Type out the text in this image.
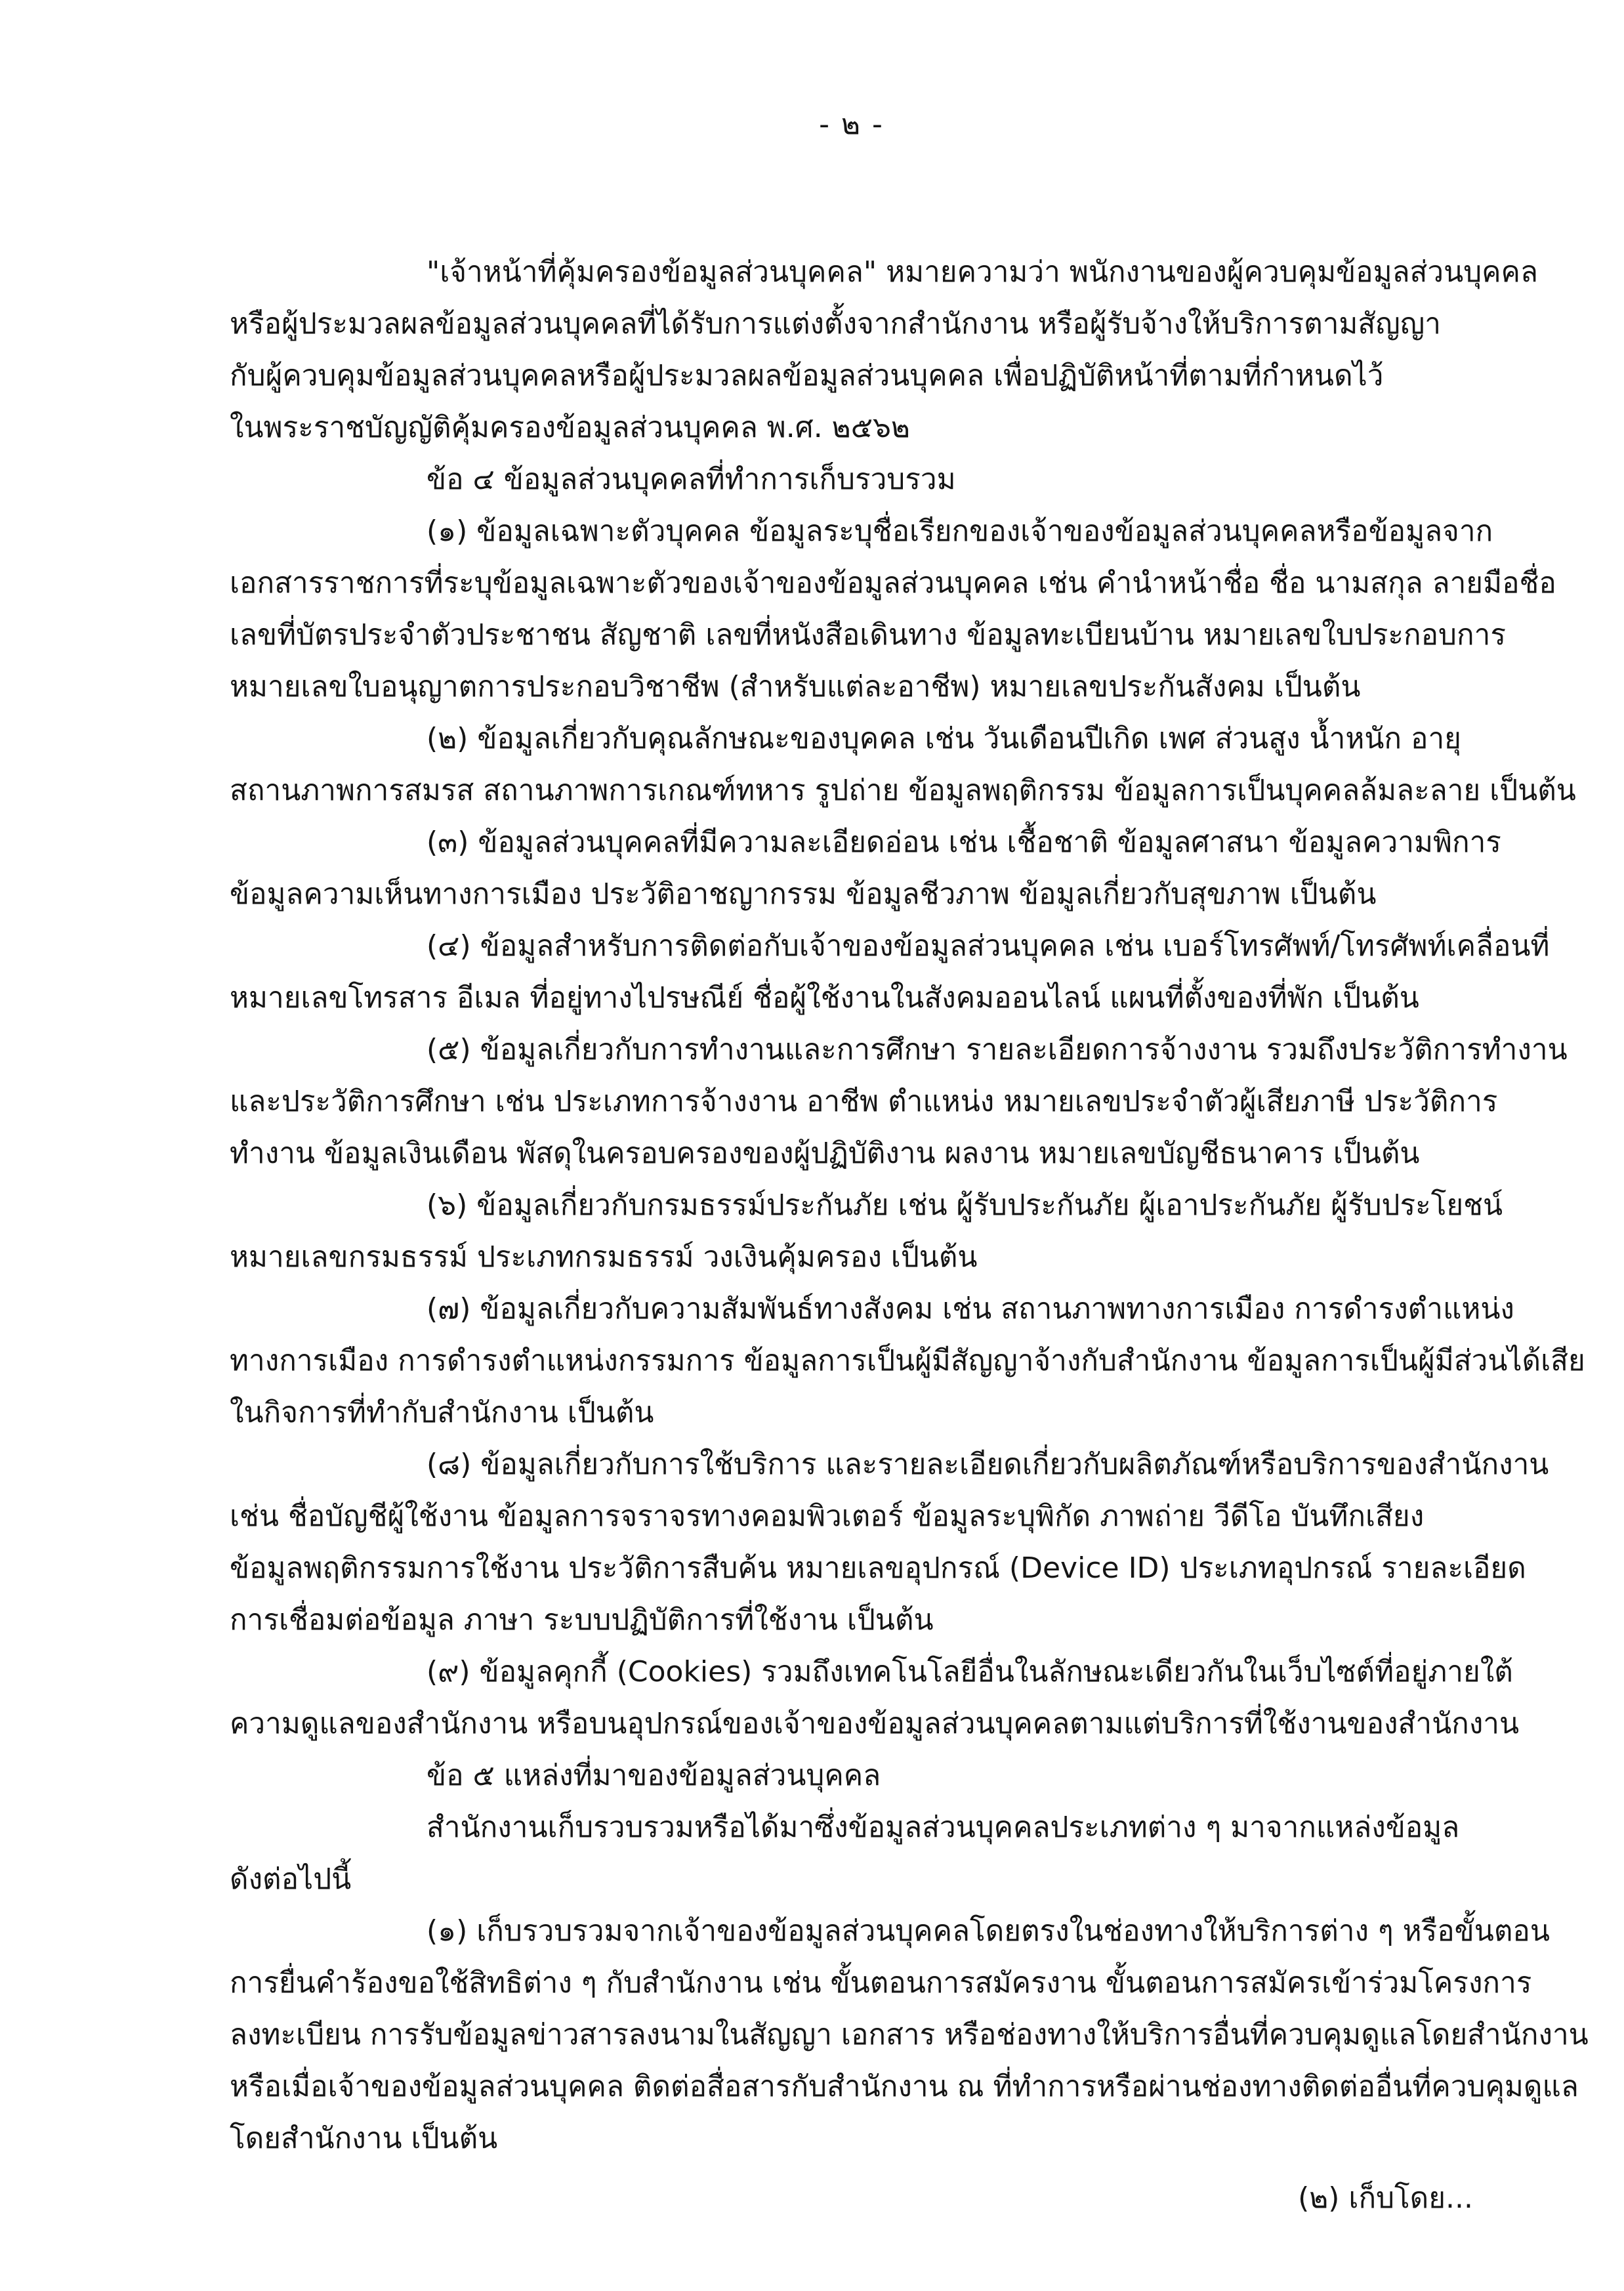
- ๒ -
"เจ้าหน้าที่คุ้มครองข้อมูลส่วนบุคคล" หมายความว่า พนักงานของผู้ควบคุมข้อมูลส่วนบุคคล
หรือผู้ประมวลผลข้อมูลส่วนบุคคลที่ได้รับการแต่งตั้งจากสำนักงาน หรือผู้รับจ้างให้บริการตามสัญญา
กับผู้ควบคุมข้อมูลส่วนบุคคลหรือผู้ประมวลผลข้อมูลส่วนบุคคล เพื่อปฏิบัติหน้าที่ตามที่กำหนดไว้
ในพระราชบัญญัติคุ้มครองข้อมูลส่วนบุคคล พ.ศ. ๒๕๖๒
ข้อ ๔ ข้อมูลส่วนบุคคลที่ทำการเก็บรวบรวม
(๑) ข้อมูลเฉพาะตัวบุคคล ข้อมูลระบุชื่อเรียกของเจ้าของข้อมูลส่วนบุคคลหรือข้อมูลจาก
เอกสารราชการที่ระบุข้อมูลเฉพาะตัวของเจ้าของข้อมูลส่วนบุคคล เช่น คำนำหน้าชื่อ ชื่อ นามสกุล ลายมือชื่อ
เลขที่บัตรประจำตัวประชาชน สัญชาติ เลขที่หนังสือเดินทาง ข้อมูลทะเบียนบ้าน หมายเลขใบประกอบการ
หมายเลขใบอนุญาตการประกอบวิชาชีพ (สำหรับแต่ละอาชีพ) หมายเลขประกันสังคม เป็นต้น
(๒) ข้อมูลเกี่ยวกับคุณลักษณะของบุคคล เช่น วันเดือนปีเกิด เพศ ส่วนสูง น้ำหนัก อายุ
สถานภาพการสมรส สถานภาพการเกณฑ์ทหาร รูปถ่าย ข้อมูลพฤติกรรม ข้อมูลการเป็นบุคคลล้มละลาย เป็นต้น
(๓) ข้อมูลส่วนบุคคลที่มีความละเอียดอ่อน เช่น เชื้อชาติ ข้อมูลศาสนา ข้อมูลความพิการ
ข้อมูลความเห็นทางการเมือง ประวัติอาชญากรรม ข้อมูลชีวภาพ ข้อมูลเกี่ยวกับสุขภาพ เป็นต้น
(๔) ข้อมูลสำหรับการติดต่อกับเจ้าของข้อมูลส่วนบุคคล เช่น เบอร์โทรศัพท์/โทรศัพท์เคลื่อนที่
หมายเลขโทรสาร อีเมล ที่อยู่ทางไปรษณีย์ ชื่อผู้ใช้งานในสังคมออนไลน์ แผนที่ตั้งของที่พัก เป็นต้น
(๕) ข้อมูลเกี่ยวกับการทำงานและการศึกษา รายละเอียดการจ้างงาน รวมถึงประวัติการทำงาน
และประวัติการศึกษา เช่น ประเภทการจ้างงาน อาชีพ ตำแหน่ง หมายเลขประจำตัวผู้เสียภาษี ประวัติการ
ทำงาน ข้อมูลเงินเดือน พัสดุในครอบครองของผู้ปฏิบัติงาน ผลงาน หมายเลขบัญชีธนาคาร เป็นต้น
(๖) ข้อมูลเกี่ยวกับกรมธรรม์ประกันภัย เช่น ผู้รับประกันภัย ผู้เอาประกันภัย ผู้รับประโยชน์
หมายเลขกรมธรรม์ ประเภทกรมธรรม์ วงเงินคุ้มครอง เป็นต้น
(๗) ข้อมูลเกี่ยวกับความสัมพันธ์ทางสังคม เช่น สถานภาพทางการเมือง การดำรงตำแหน่ง
ทางการเมือง การดำรงตำแหน่งกรรมการ ข้อมูลการเป็นผู้มีสัญญาจ้างกับสำนักงาน ข้อมูลการเป็นผู้มีส่วนได้เสีย
ในกิจการที่ทำกับสำนักงาน เป็นต้น
(๘) ข้อมูลเกี่ยวกับการใช้บริการ และรายละเอียดเกี่ยวกับผลิตภัณฑ์หรือบริการของสำนักงาน
เช่น ชื่อบัญชีผู้ใช้งาน ข้อมูลการจราจรทางคอมพิวเตอร์ ข้อมูลระบุพิกัด ภาพถ่าย วีดีโอ บันทึกเสียง
ข้อมูลพฤติกรรมการใช้งาน ประวัติการสืบค้น หมายเลขอุปกรณ์ (Device ID) ประเภทอุปกรณ์ รายละเอียด
การเชื่อมต่อข้อมูล ภาษา ระบบปฏิบัติการที่ใช้งาน เป็นต้น
(๙) ข้อมูลคุกกี้ (Cookies) รวมถึงเทคโนโลยีอื่นในลักษณะเดียวกันในเว็บไซต์ที่อยู่ภายใต้
ความดูแลของสำนักงาน หรือบนอุปกรณ์ของเจ้าของข้อมูลส่วนบุคคลตามแต่บริการที่ใช้งานของสำนักงาน
ข้อ ๕ แหล่งที่มาของข้อมูลส่วนบุคคล
สำนักงานเก็บรวบรวมหรือได้มาซึ่งข้อมูลส่วนบุคคลประเภทต่าง ๆ มาจากแหล่งข้อมูล
ดังต่อไปนี้
(๑) เก็บรวบรวมจากเจ้าของข้อมูลส่วนบุคคลโดยตรงในช่องทางให้บริการต่าง ๆ หรือขั้นตอน
การยื่นคำร้องขอใช้สิทธิต่าง ๆ กับสำนักงาน เช่น ขั้นตอนการสมัครงาน ขั้นตอนการสมัครเข้าร่วมโครงการ
ลงทะเบียน การรับข้อมูลข่าวสารลงนามในสัญญา เอกสาร หรือช่องทางให้บริการอื่นที่ควบคุมดูแลโดยสำนักงาน
หรือเมื่อเจ้าของข้อมูลส่วนบุคคล ติดต่อสื่อสารกับสำนักงาน ณ ที่ทำการหรือผ่านช่องทางติดต่ออื่นที่ควบคุมดูแล
โดยสำนักงาน เป็นต้น
(๒) เก็บโดย...
